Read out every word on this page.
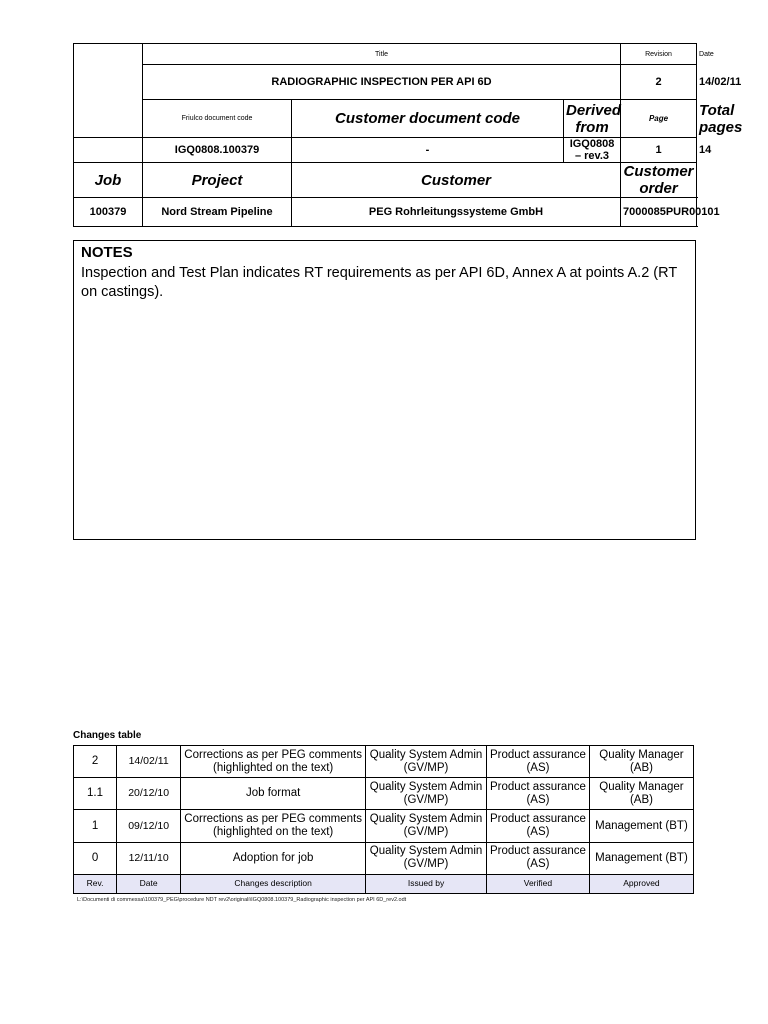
	Title			Revision	Date
	RADIOGRAPHIC INSPECTION PER API 6D			2	14/02/11
	Friulco document code	Customer document code	Derived from	Page	Total pages
	IGQ0808.100379	-	IGQ0808 – rev.3	1	14
Job	Project	Customer		Customer order	
100379	Nord Stream Pipeline	PEG Rohrleitungssysteme GmbH		7000085PUR00101	
NOTES
Inspection and Test Plan indicates RT requirements as per API 6D, Annex A at points A.2 (RT on castings).
Changes table
2	14/02/11	Corrections as per PEG comments (highlighted on the text)	Quality System Admin (GV/MP)	Product assurance (AS)	Quality Manager (AB)
1.1	20/12/10	Job format	Quality System Admin (GV/MP)	Product assurance (AS)	Quality Manager (AB)
1	09/12/10	Corrections as per PEG comments (highlighted on the text)	Quality System Admin (GV/MP)	Product assurance (AS)	Management (BT)
0	12/11/10	Adoption for job	Quality System Admin (GV/MP)	Product assurance (AS)	Management (BT)
Rev.	Date	Changes description	Issued by	Verified	Approved
L:\Documenti di commessa\100379_PEG\procedure NDT rev2\originali\IGQ0808.100379_Radiographic inspection per API 6D_rev2.odt
